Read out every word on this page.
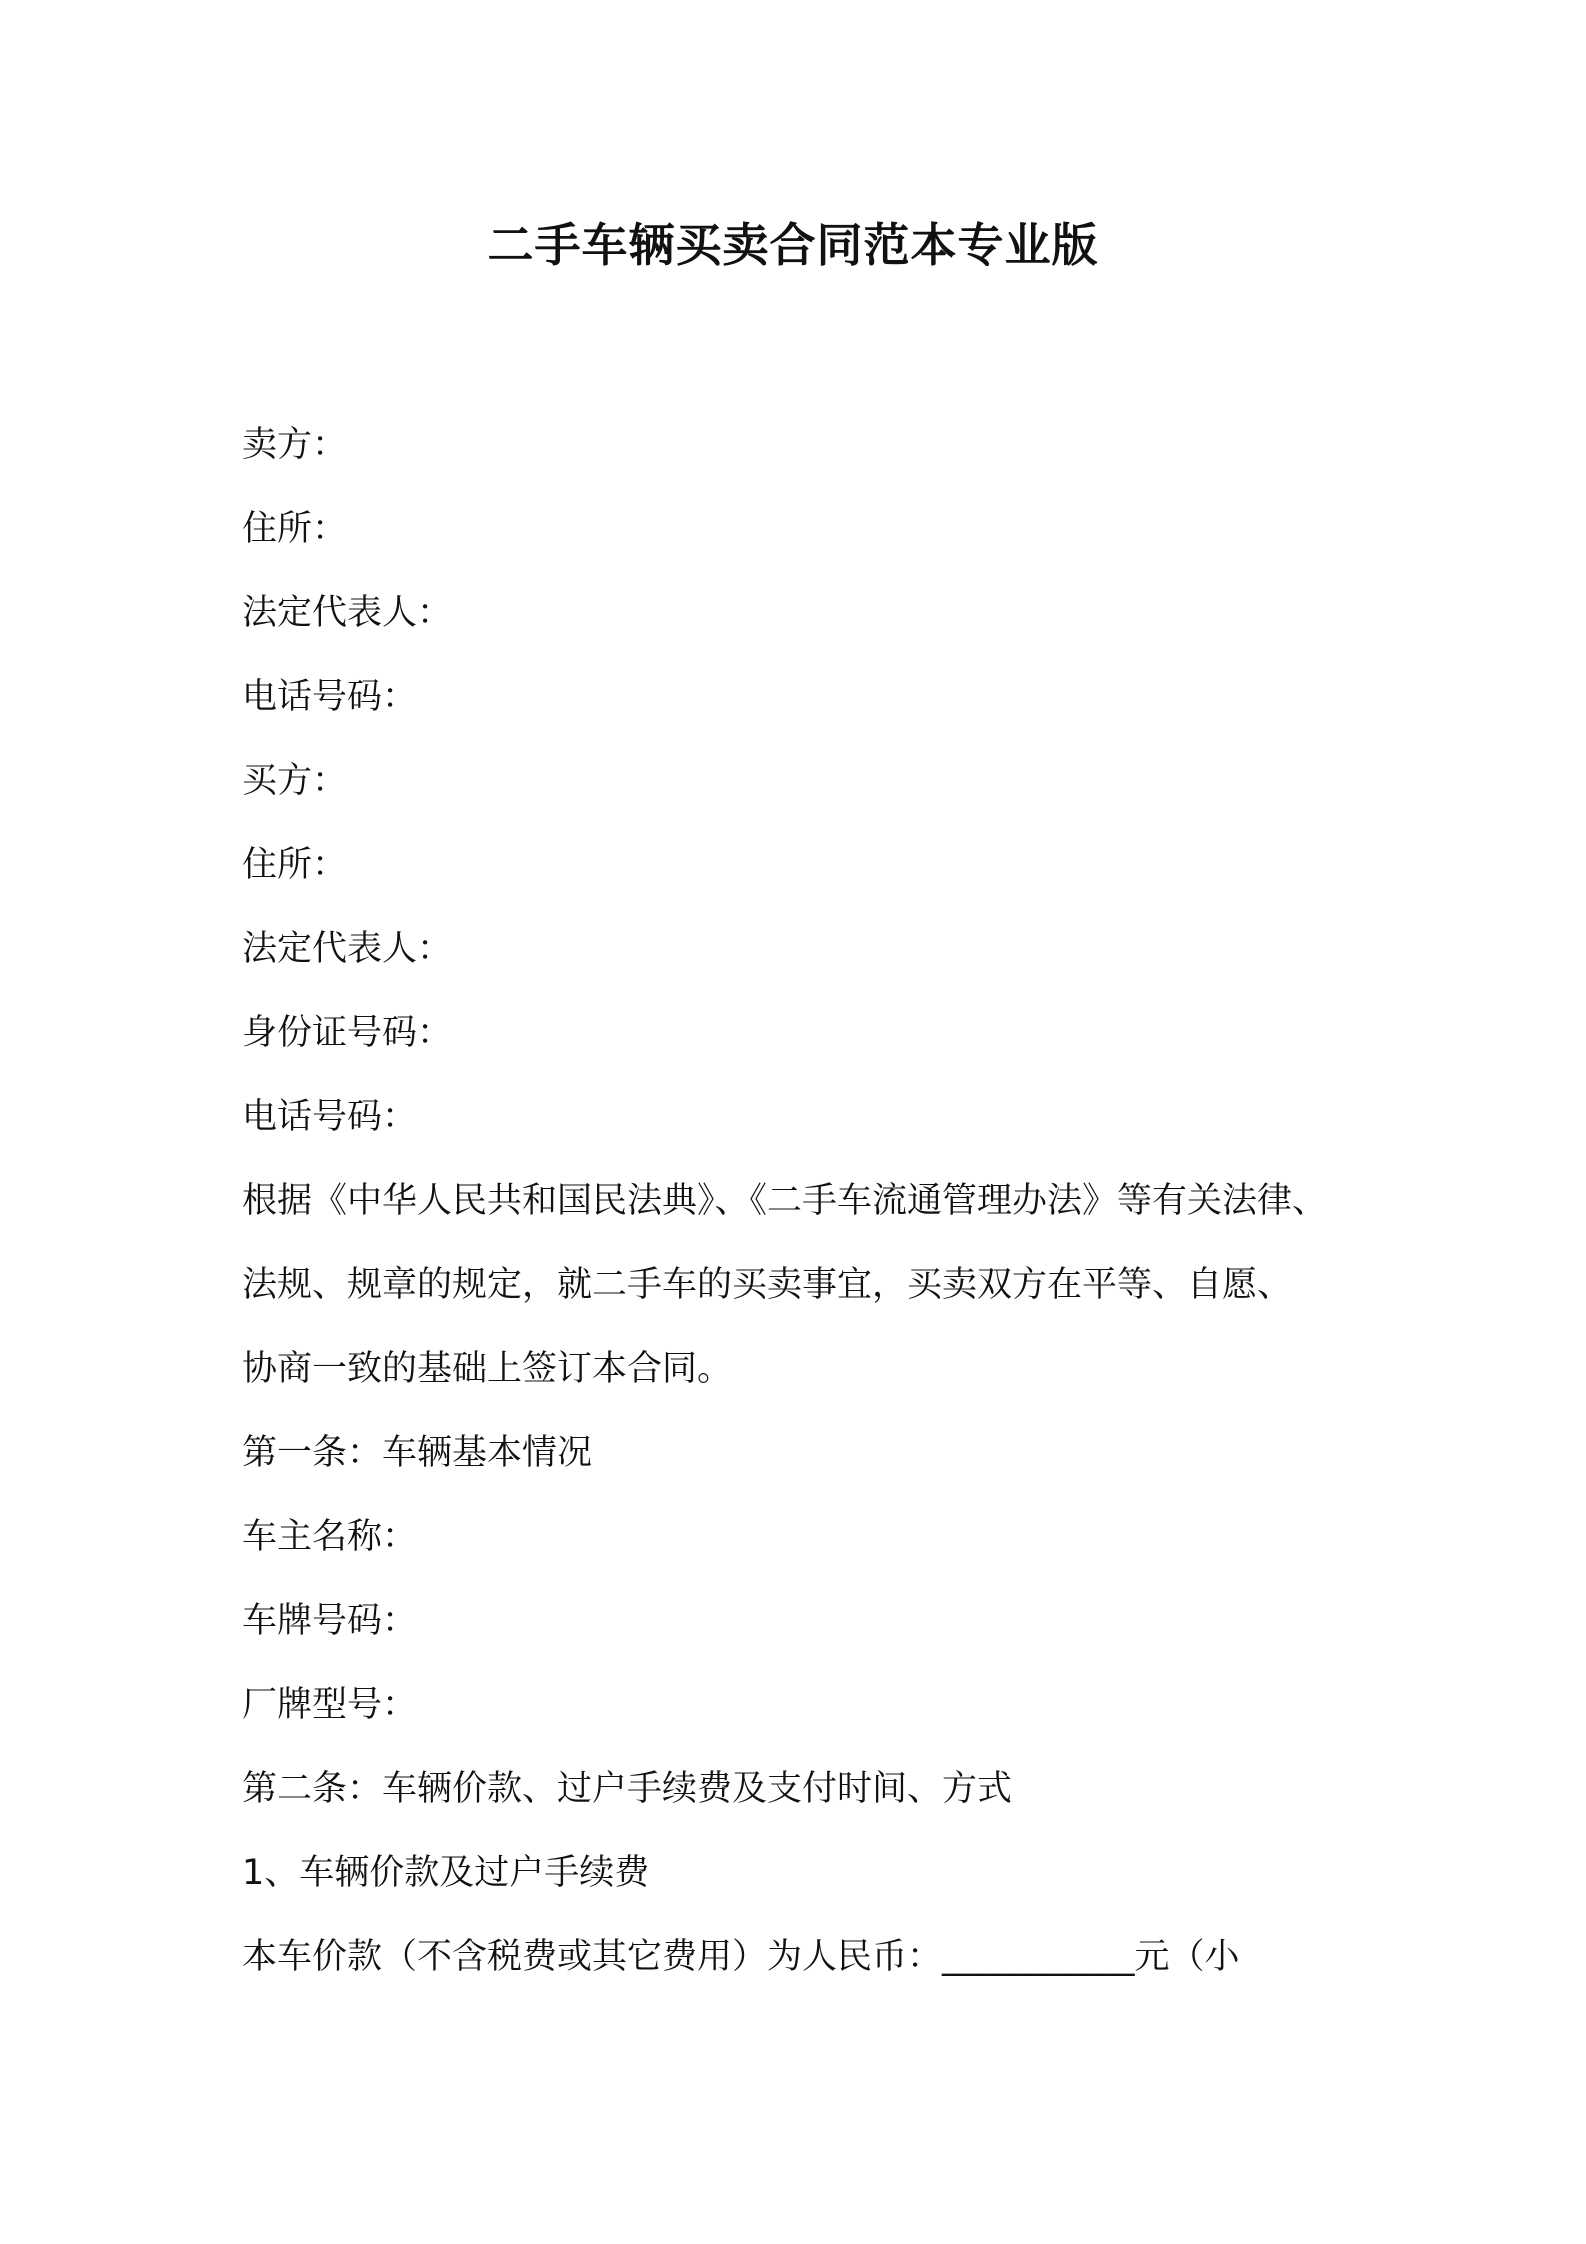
二手车辆买卖合同范本专业版
卖方：
住所：
法定代表人：
电话号码：
买方：
住所：
法定代表人：
身份证号码：
电话号码：
根据《中华人民共和国民法典》、《二手车流通管理办法》等有关法律、
法规、规章的规定，就二手车的买卖事宜，买卖双方在平等、自愿、
协商一致的基础上签订本合同。
第一条：车辆基本情况
车主名称：
车牌号码：
厂牌型号：
第二条：车辆价款、过户手续费及支付时间、方式
1、车辆价款及过户手续费
本车价款（不含税费或其它费用）为人民币：___________元（小
